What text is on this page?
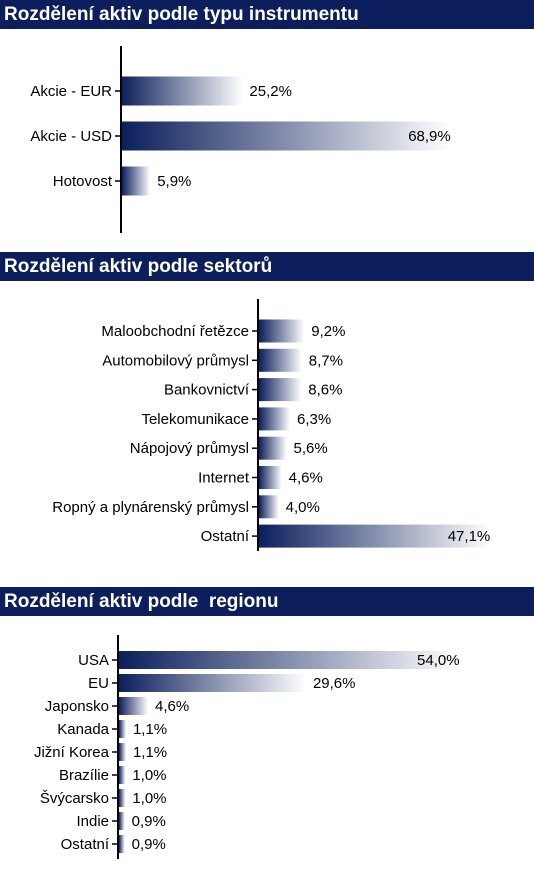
Rozdělení aktiv podle typu instrumentu
Akcie - EUR	25,2%
Akcie - USD	68,9%
Hotovost	5,9%
Rozdělení aktiv podle sektorů
Maloobchodní řetězce	9,2%
Automobilový průmysl	8,7%
Bankovnictví	8,6%
Telekomunikace	6,3%
Nápojový průmysl	5,6%
Internet	4,6%
Ropný a plynárenský průmysl 4,0%
Ostatní	47,1%
Rozdělení aktiv podle  regionu
USA	54,0%
EU	29,6%
Japonsko	4,6%
Kanada 1,1%
Jižní Korea 1,1%
Brazílie 1,0%
Švýcarsko 1,0%
Indie 0,9%
Ostatní 0,9%
